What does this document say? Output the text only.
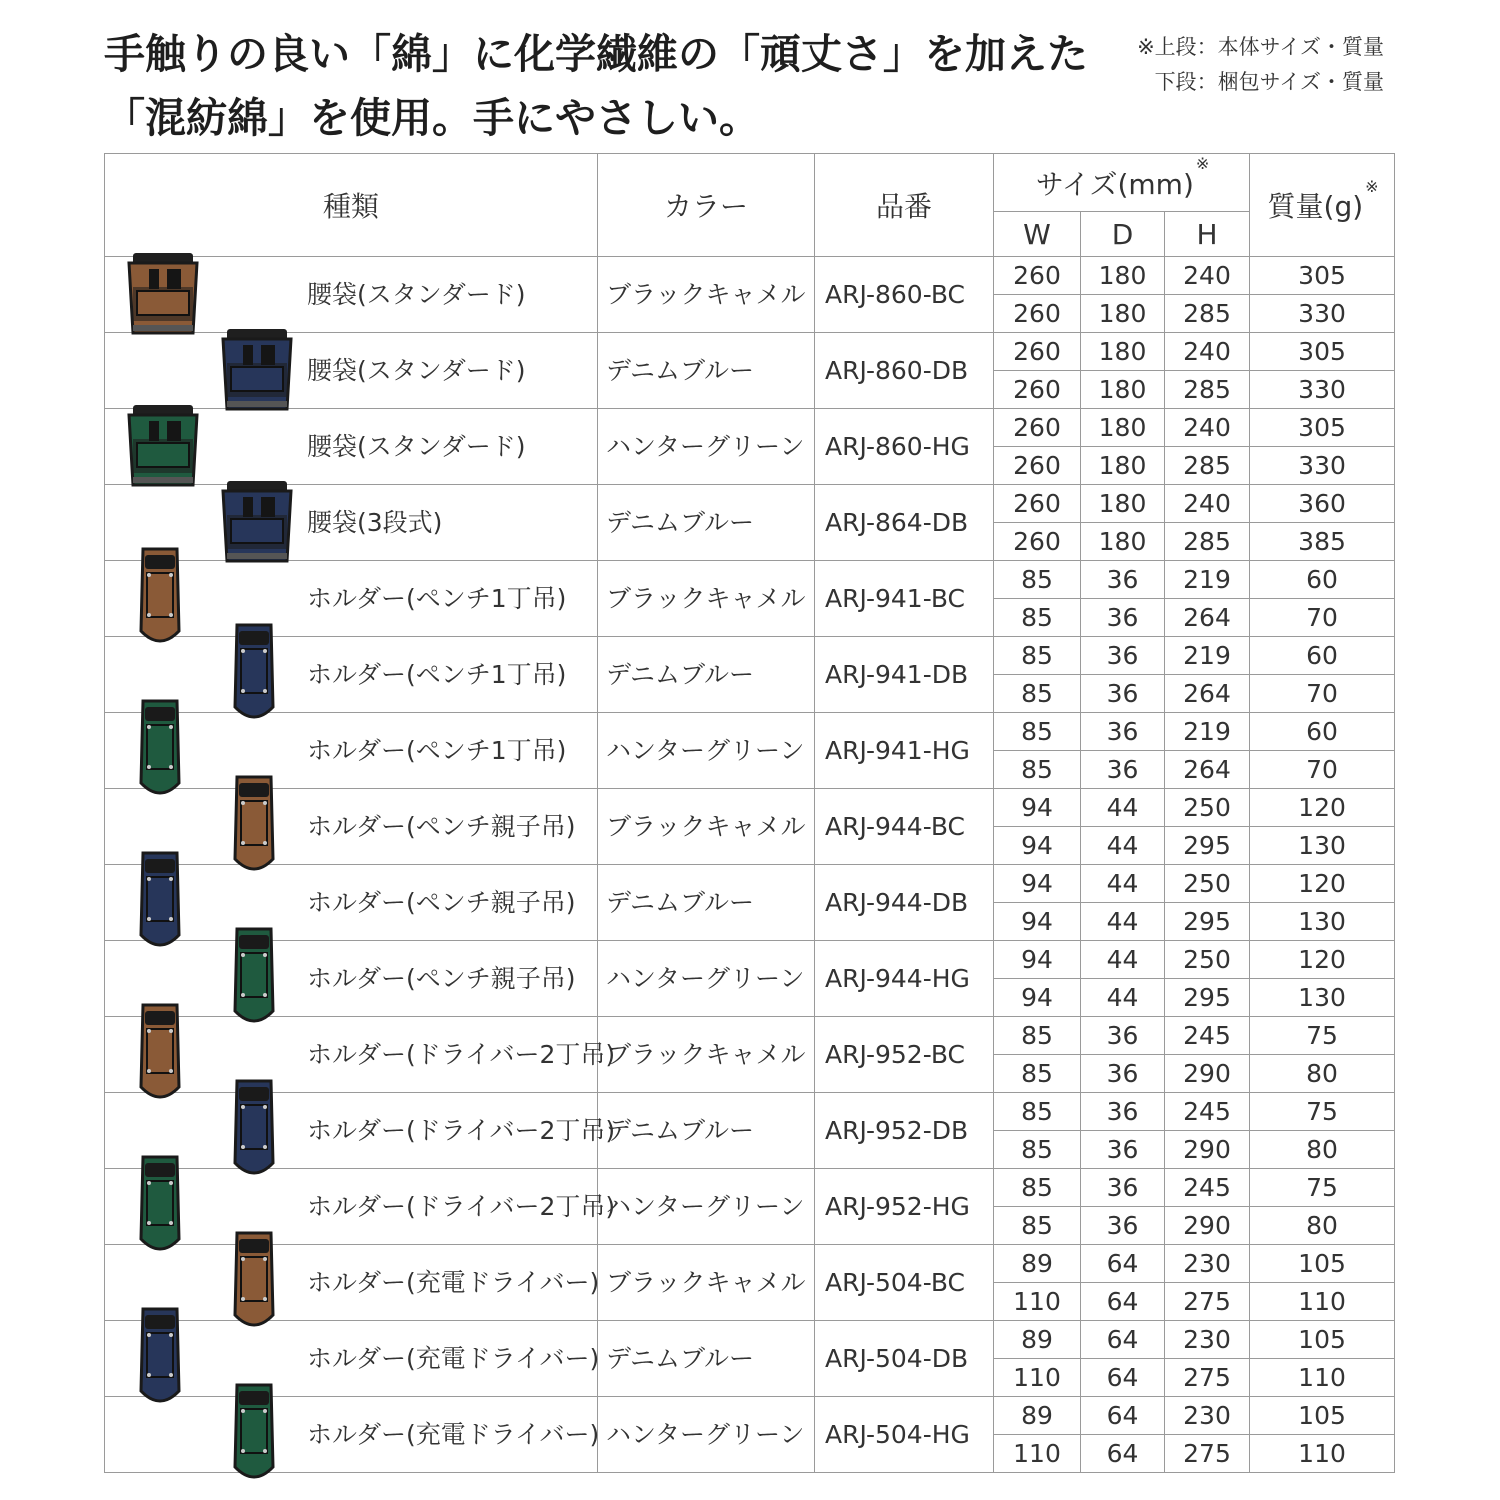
手触りの良い「綿」に化学繊維の「頑丈さ」を加えた
「混紡綿」を使用。手にやさしい。
※上段：本体サイズ・質量
下段：梱包サイズ・質量
種類	カラー	品番	サイズ(mm)※			質量(g)※
			W	D	H	

腰袋(スタンダード)	ブラックキャメル	ARJ-860-BC	260	180	240	305
			260	180	285	330

腰袋(スタンダード)	デニムブルー	ARJ-860-DB	260	180	240	305
			260	180	285	330

腰袋(スタンダード)	ハンターグリーン	ARJ-860-HG	260	180	240	305
			260	180	285	330

腰袋(3段式)	デニムブルー	ARJ-864-DB	260	180	240	360
			260	180	285	385

ホルダー(ペンチ1丁吊)	ブラックキャメル	ARJ-941-BC	85	36	219	60
			85	36	264	70

ホルダー(ペンチ1丁吊)	デニムブルー	ARJ-941-DB	85	36	219	60
			85	36	264	70

ホルダー(ペンチ1丁吊)	ハンターグリーン	ARJ-941-HG	85	36	219	60
			85	36	264	70

ホルダー(ペンチ親子吊)	ブラックキャメル	ARJ-944-BC	94	44	250	120
			94	44	295	130

ホルダー(ペンチ親子吊)	デニムブルー	ARJ-944-DB	94	44	250	120
			94	44	295	130

ホルダー(ペンチ親子吊)	ハンターグリーン	ARJ-944-HG	94	44	250	120
			94	44	295	130

ホルダー(ドライバー2丁吊)	ブラックキャメル	ARJ-952-BC	85	36	245	75
			85	36	290	80

ホルダー(ドライバー2丁吊)	デニムブルー	ARJ-952-DB	85	36	245	75
			85	36	290	80

ホルダー(ドライバー2丁吊)	ハンターグリーン	ARJ-952-HG	85	36	245	75
			85	36	290	80

ホルダー(充電ドライバー)	ブラックキャメル	ARJ-504-BC	89	64	230	105
			110	64	275	110

ホルダー(充電ドライバー)	デニムブルー	ARJ-504-DB	89	64	230	105
			110	64	275	110

ホルダー(充電ドライバー)	ハンターグリーン	ARJ-504-HG	89	64	230	105
			110	64	275	110
